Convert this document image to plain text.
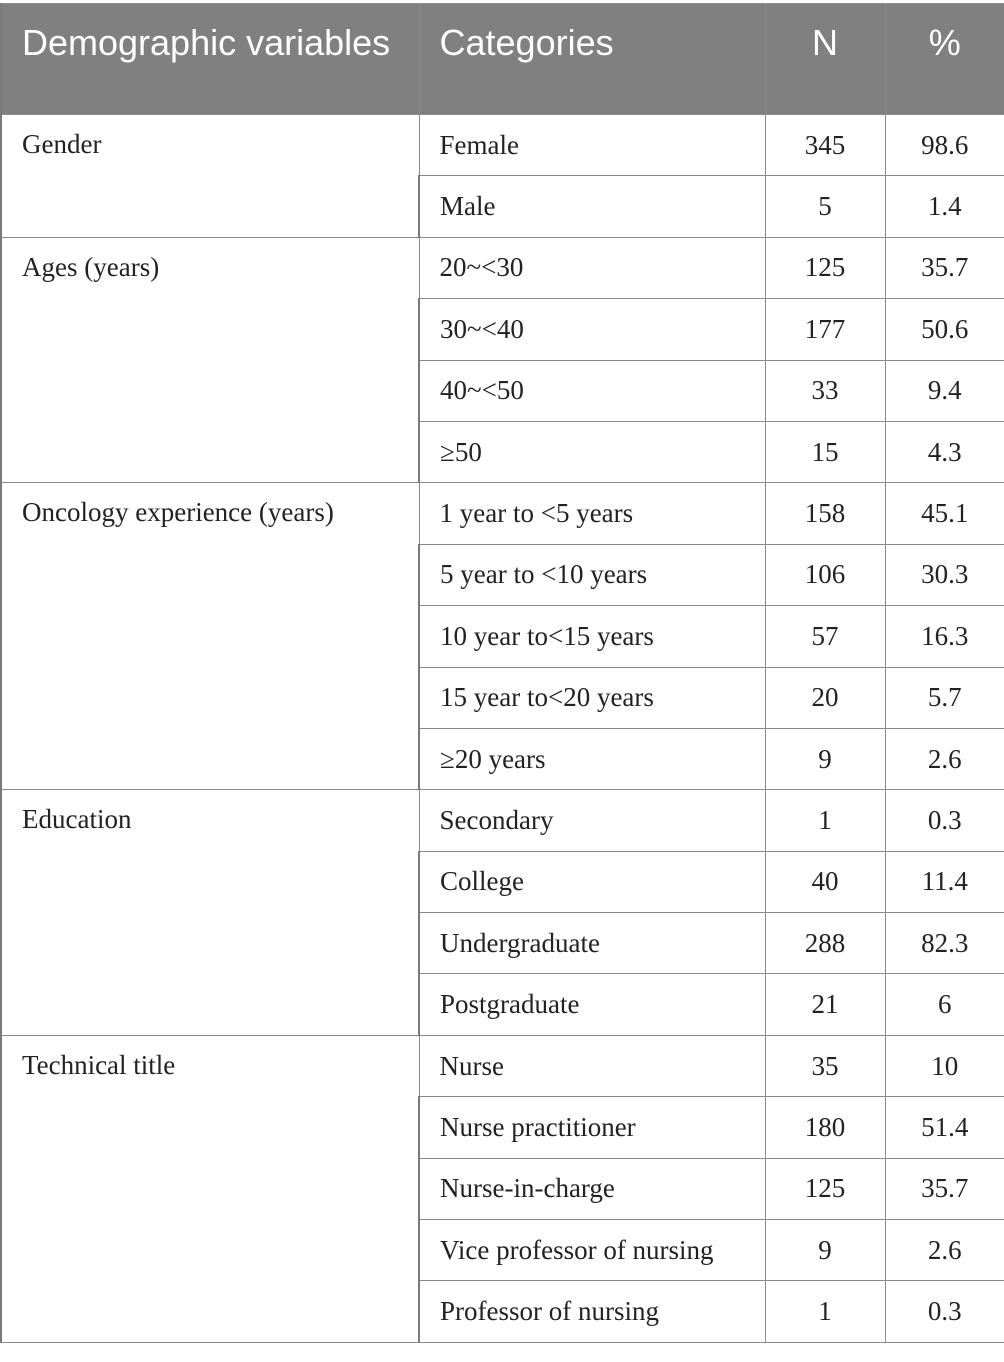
Demographic variables	Categories	N	%

Gender	Female	345	98.6
	Male	5	1.4
Ages (years)	20~<30	125	35.7
	30~<40	177	50.6
	40~<50	33	9.4
	≥50	15	4.3
Oncology experience (years)	1 year to <5 years	158	45.1
	5 year to <10 years	106	30.3
	10 year to<15 years	57	16.3
	15 year to<20 years	20	5.7
	≥20 years	9	2.6
Education	Secondary	1	0.3
	College	40	11.4
	Undergraduate	288	82.3
	Postgraduate	21	6
Technical title	Nurse	35	10
	Nurse practitioner	180	51.4
	Nurse-in-charge	125	35.7
	Vice professor of nursing	9	2.6
	Professor of nursing	1	0.3
